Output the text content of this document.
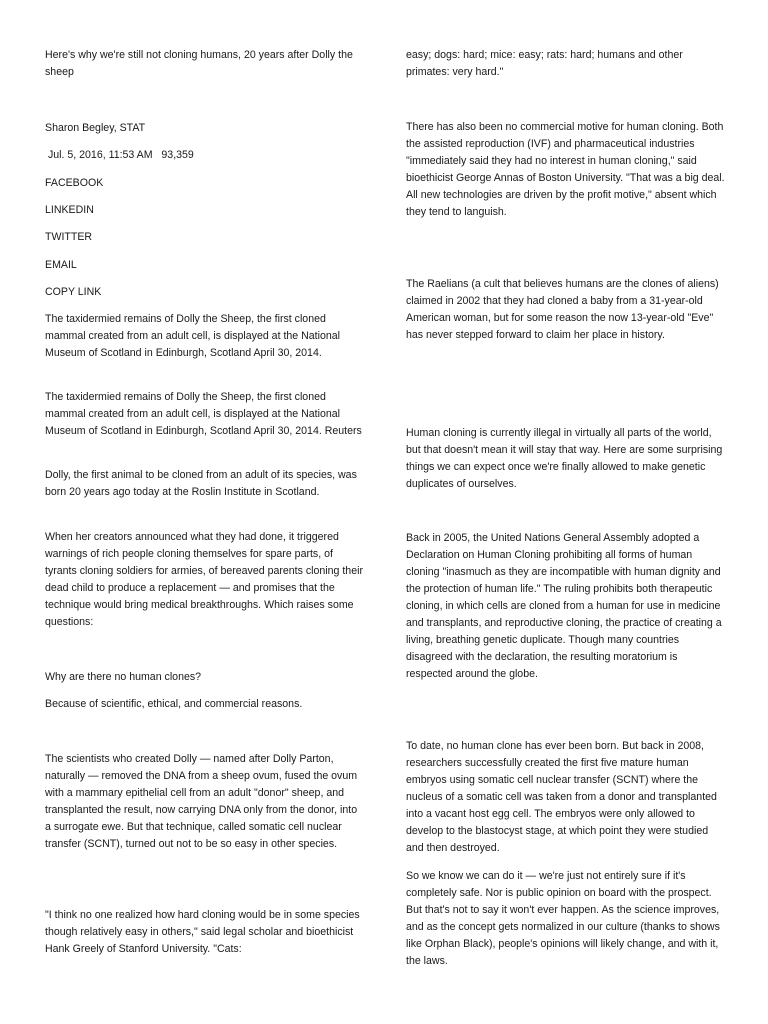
Here's why we're still not cloning humans, 20 years after Dolly the sheep

Sharon Begley, STAT

Jul. 5, 2016, 11:53 AM   93,359

FACEBOOK

LINKEDIN

TWITTER

EMAIL

COPY LINK

The taxidermied remains of Dolly the Sheep, the first cloned mammal created from an adult cell, is displayed at the National Museum of Scotland in Edinburgh, Scotland April 30, 2014.

The taxidermied remains of Dolly the Sheep, the first cloned mammal created from an adult cell, is displayed at the National Museum of Scotland in Edinburgh, Scotland April 30, 2014. Reuters

Dolly, the first animal to be cloned from an adult of its species, was born 20 years ago today at the Roslin Institute in Scotland.

When her creators announced what they had done, it triggered warnings of rich people cloning themselves for spare parts, of tyrants cloning soldiers for armies, of bereaved parents cloning their dead child to produce a replacement — and promises that the technique would bring medical breakthroughs. Which raises some questions:

Why are there no human clones?

Because of scientific, ethical, and commercial reasons.

The scientists who created Dolly — named after Dolly Parton, naturally — removed the DNA from a sheep ovum, fused the ovum with a mammary epithelial cell from an adult "donor" sheep, and transplanted the result, now carrying DNA only from the donor, into a surrogate ewe. But that technique, called somatic cell nuclear transfer (SCNT), turned out not to be so easy in other species.

"I think no one realized how hard cloning would be in some species though relatively easy in others," said legal scholar and bioethicist Hank Greely of Stanford University. "Cats:

easy; dogs: hard; mice: easy; rats: hard; humans and other primates: very hard."

There has also been no commercial motive for human cloning. Both the assisted reproduction (IVF) and pharmaceutical industries "immediately said they had no interest in human cloning," said bioethicist George Annas of Boston University. "That was a big deal. All new technologies are driven by the profit motive," absent which they tend to languish.

The Raelians (a cult that believes humans are the clones of aliens) claimed in 2002 that they had cloned a baby from a 31-year-old American woman, but for some reason the now 13-year-old "Eve" has never stepped forward to claim her place in history.

Human cloning is currently illegal in virtually all parts of the world, but that doesn't mean it will stay that way. Here are some surprising things we can expect once we're finally allowed to make genetic duplicates of ourselves.

Back in 2005, the United Nations General Assembly adopted a Declaration on Human Cloning prohibiting all forms of human cloning "inasmuch as they are incompatible with human dignity and the protection of human life." The ruling prohibits both therapeutic cloning, in which cells are cloned from a human for use in medicine and transplants, and reproductive cloning, the practice of creating a living, breathing genetic duplicate. Though many countries disagreed with the declaration, the resulting moratorium is respected around the globe.

To date, no human clone has ever been born. But back in 2008, researchers successfully created the first five mature human embryos using somatic cell nuclear transfer (SCNT) where the nucleus of a somatic cell was taken from a donor and transplanted into a vacant host egg cell. The embryos were only allowed to develop to the blastocyst stage, at which point they were studied and then destroyed.

So we know we can do it — we're just not entirely sure if it's completely safe. Nor is public opinion on board with the prospect. But that's not to say it won't ever happen. As the science improves, and as the concept gets normalized in our culture (thanks to shows like Orphan Black), people's opinions will likely change, and with it, the laws.
